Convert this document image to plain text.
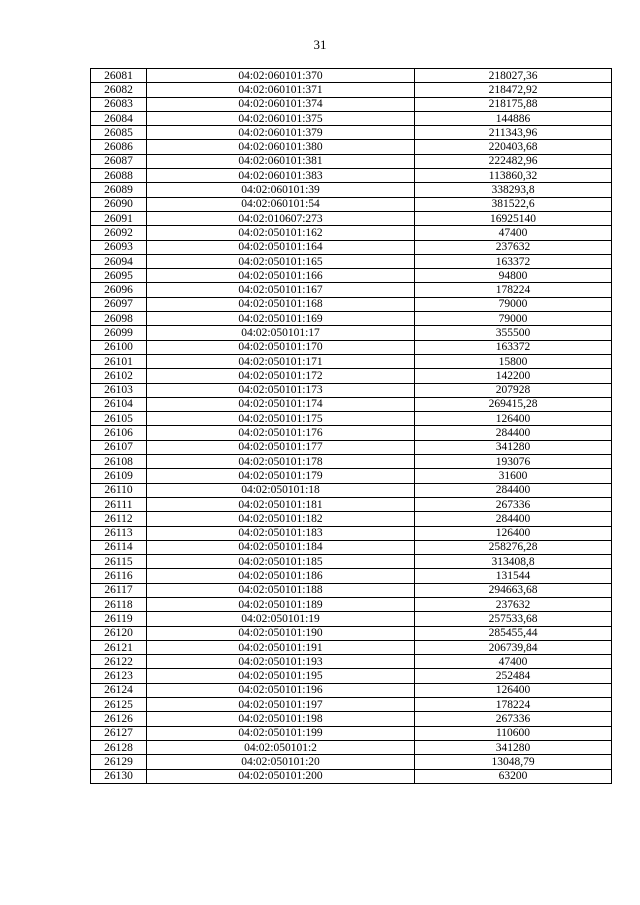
31
26081	04:02:060101:370	218027,36
26082	04:02:060101:371	218472,92
26083	04:02:060101:374	218175,88
26084	04:02:060101:375	144886
26085	04:02:060101:379	211343,96
26086	04:02:060101:380	220403,68
26087	04:02:060101:381	222482,96
26088	04:02:060101:383	113860,32
26089	04:02:060101:39	338293,8
26090	04:02:060101:54	381522,6
26091	04:02:010607:273	16925140
26092	04:02:050101:162	47400
26093	04:02:050101:164	237632
26094	04:02:050101:165	163372
26095	04:02:050101:166	94800
26096	04:02:050101:167	178224
26097	04:02:050101:168	79000
26098	04:02:050101:169	79000
26099	04:02:050101:17	355500
26100	04:02:050101:170	163372
26101	04:02:050101:171	15800
26102	04:02:050101:172	142200
26103	04:02:050101:173	207928
26104	04:02:050101:174	269415,28
26105	04:02:050101:175	126400
26106	04:02:050101:176	284400
26107	04:02:050101:177	341280
26108	04:02:050101:178	193076
26109	04:02:050101:179	31600
26110	04:02:050101:18	284400
26111	04:02:050101:181	267336
26112	04:02:050101:182	284400
26113	04:02:050101:183	126400
26114	04:02:050101:184	258276,28
26115	04:02:050101:185	313408,8
26116	04:02:050101:186	131544
26117	04:02:050101:188	294663,68
26118	04:02:050101:189	237632
26119	04:02:050101:19	257533,68
26120	04:02:050101:190	285455,44
26121	04:02:050101:191	206739,84
26122	04:02:050101:193	47400
26123	04:02:050101:195	252484
26124	04:02:050101:196	126400
26125	04:02:050101:197	178224
26126	04:02:050101:198	267336
26127	04:02:050101:199	110600
26128	04:02:050101:2	341280
26129	04:02:050101:20	13048,79
26130	04:02:050101:200	63200
